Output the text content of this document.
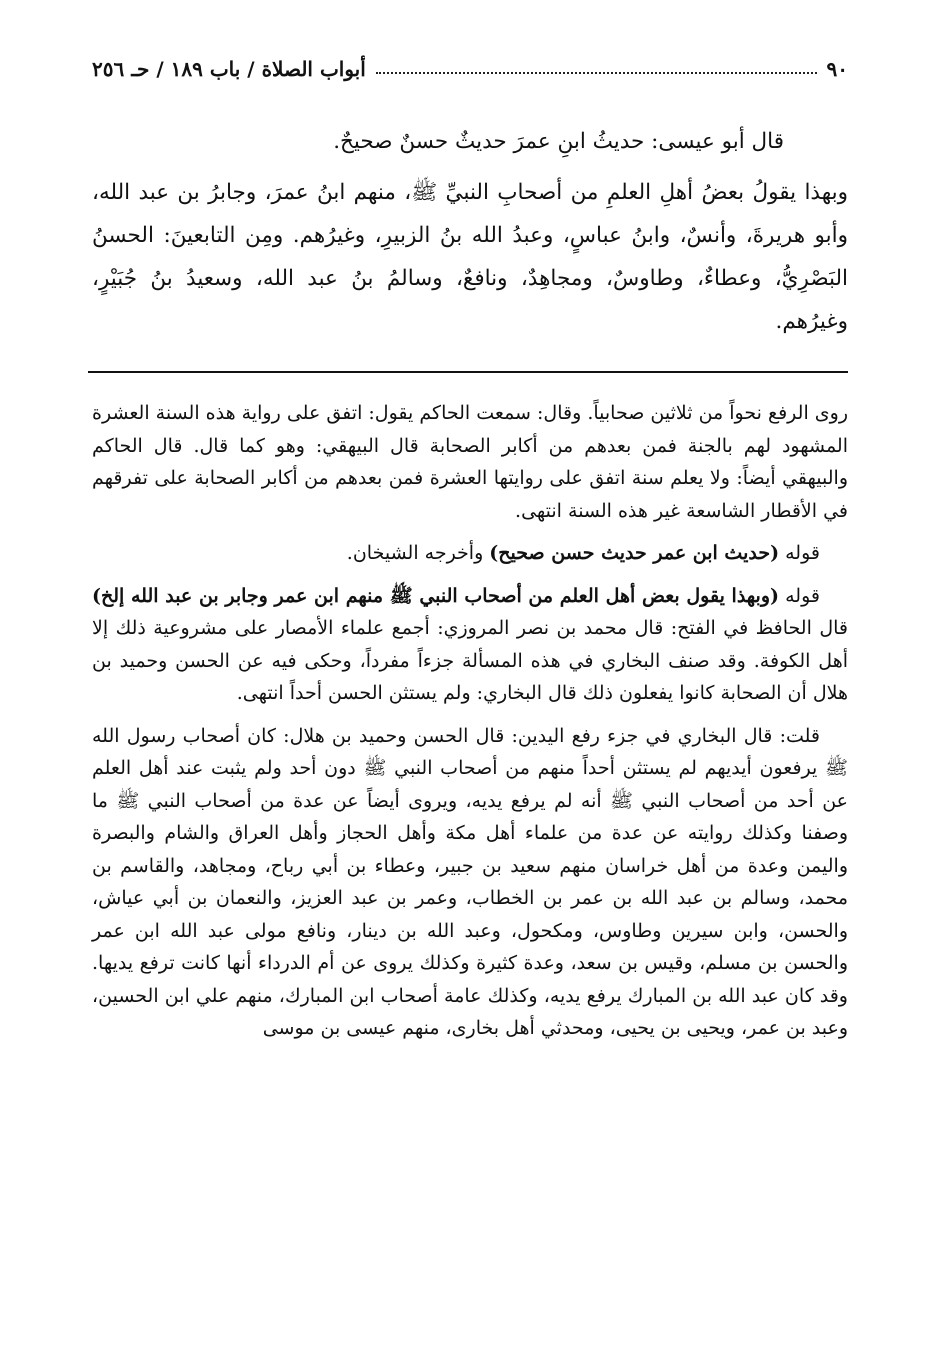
٩٠
أبواب الصلاة / باب ١٨٩ / حـ ٢٥٦

قال أبو عيسى: حديثُ ابنِ عمرَ حديثٌ حسنٌ صحيحٌ.

وبهذا يقولُ بعضُ أهلِ العلمِ من أصحابِ النبيِّ ﷺ، منهم ابنُ عمرَ، وجابرُ بن عبد الله، وأبو هريرةَ، وأنسٌ، وابنُ عباسٍ، وعبدُ الله بنُ الزبيرِ، وغيرُهم. ومِن التابعينَ: الحسنُ البَصْرِيُّ، وعطاءٌ، وطاوسٌ، ومجاهِدٌ، ونافعٌ، وسالمُ بنُ عبد الله، وسعيدُ بنُ جُبَيْرٍ، وغيرُهم.

روى الرفع نحواً من ثلاثين صحابياً. وقال: سمعت الحاكم يقول: اتفق على رواية هذه السنة العشرة المشهود لهم بالجنة فمن بعدهم من أكابر الصحابة قال البيهقي: وهو كما قال. قال الحاكم والبيهقي أيضاً: ولا يعلم سنة اتفق على روايتها العشرة فمن بعدهم من أكابر الصحابة على تفرقهم في الأقطار الشاسعة غير هذه السنة انتهى.

قوله (حديث ابن عمر حديث حسن صحيح) وأخرجه الشيخان.

قوله (وبهذا يقول بعض أهل العلم من أصحاب النبي ﷺ منهم ابن عمر وجابر بن عبد الله إلخ) قال الحافظ في الفتح: قال محمد بن نصر المروزي: أجمع علماء الأمصار على مشروعية ذلك إلا أهل الكوفة. وقد صنف البخاري في هذه المسألة جزءاً مفرداً، وحكى فيه عن الحسن وحميد بن هلال أن الصحابة كانوا يفعلون ذلك قال البخاري: ولم يستثن الحسن أحداً انتهى.

قلت: قال البخاري في جزء رفع اليدين: قال الحسن وحميد بن هلال: كان أصحاب رسول الله ﷺ يرفعون أيديهم لم يستثن أحداً منهم من أصحاب النبي ﷺ دون أحد ولم يثبت عند أهل العلم عن أحد من أصحاب النبي ﷺ أنه لم يرفع يديه، ويروى أيضاً عن عدة من أصحاب النبي ﷺ ما وصفنا وكذلك روايته عن عدة من علماء أهل مكة وأهل الحجاز وأهل العراق والشام والبصرة واليمن وعدة من أهل خراسان منهم سعيد بن جبير، وعطاء بن أبي رباح، ومجاهد، والقاسم بن محمد، وسالم بن عبد الله بن عمر بن الخطاب، وعمر بن عبد العزيز، والنعمان بن أبي عياش، والحسن، وابن سيرين وطاوس، ومكحول، وعبد الله بن دينار، ونافع مولى عبد الله ابن عمر والحسن بن مسلم، وقيس بن سعد، وعدة كثيرة وكذلك يروى عن أم الدرداء أنها كانت ترفع يديها. وقد كان عبد الله بن المبارك يرفع يديه، وكذلك عامة أصحاب ابن المبارك، منهم علي ابن الحسين، وعبد بن عمر، ويحيى بن يحيى، ومحدثي أهل بخارى، منهم عيسى بن موسى
